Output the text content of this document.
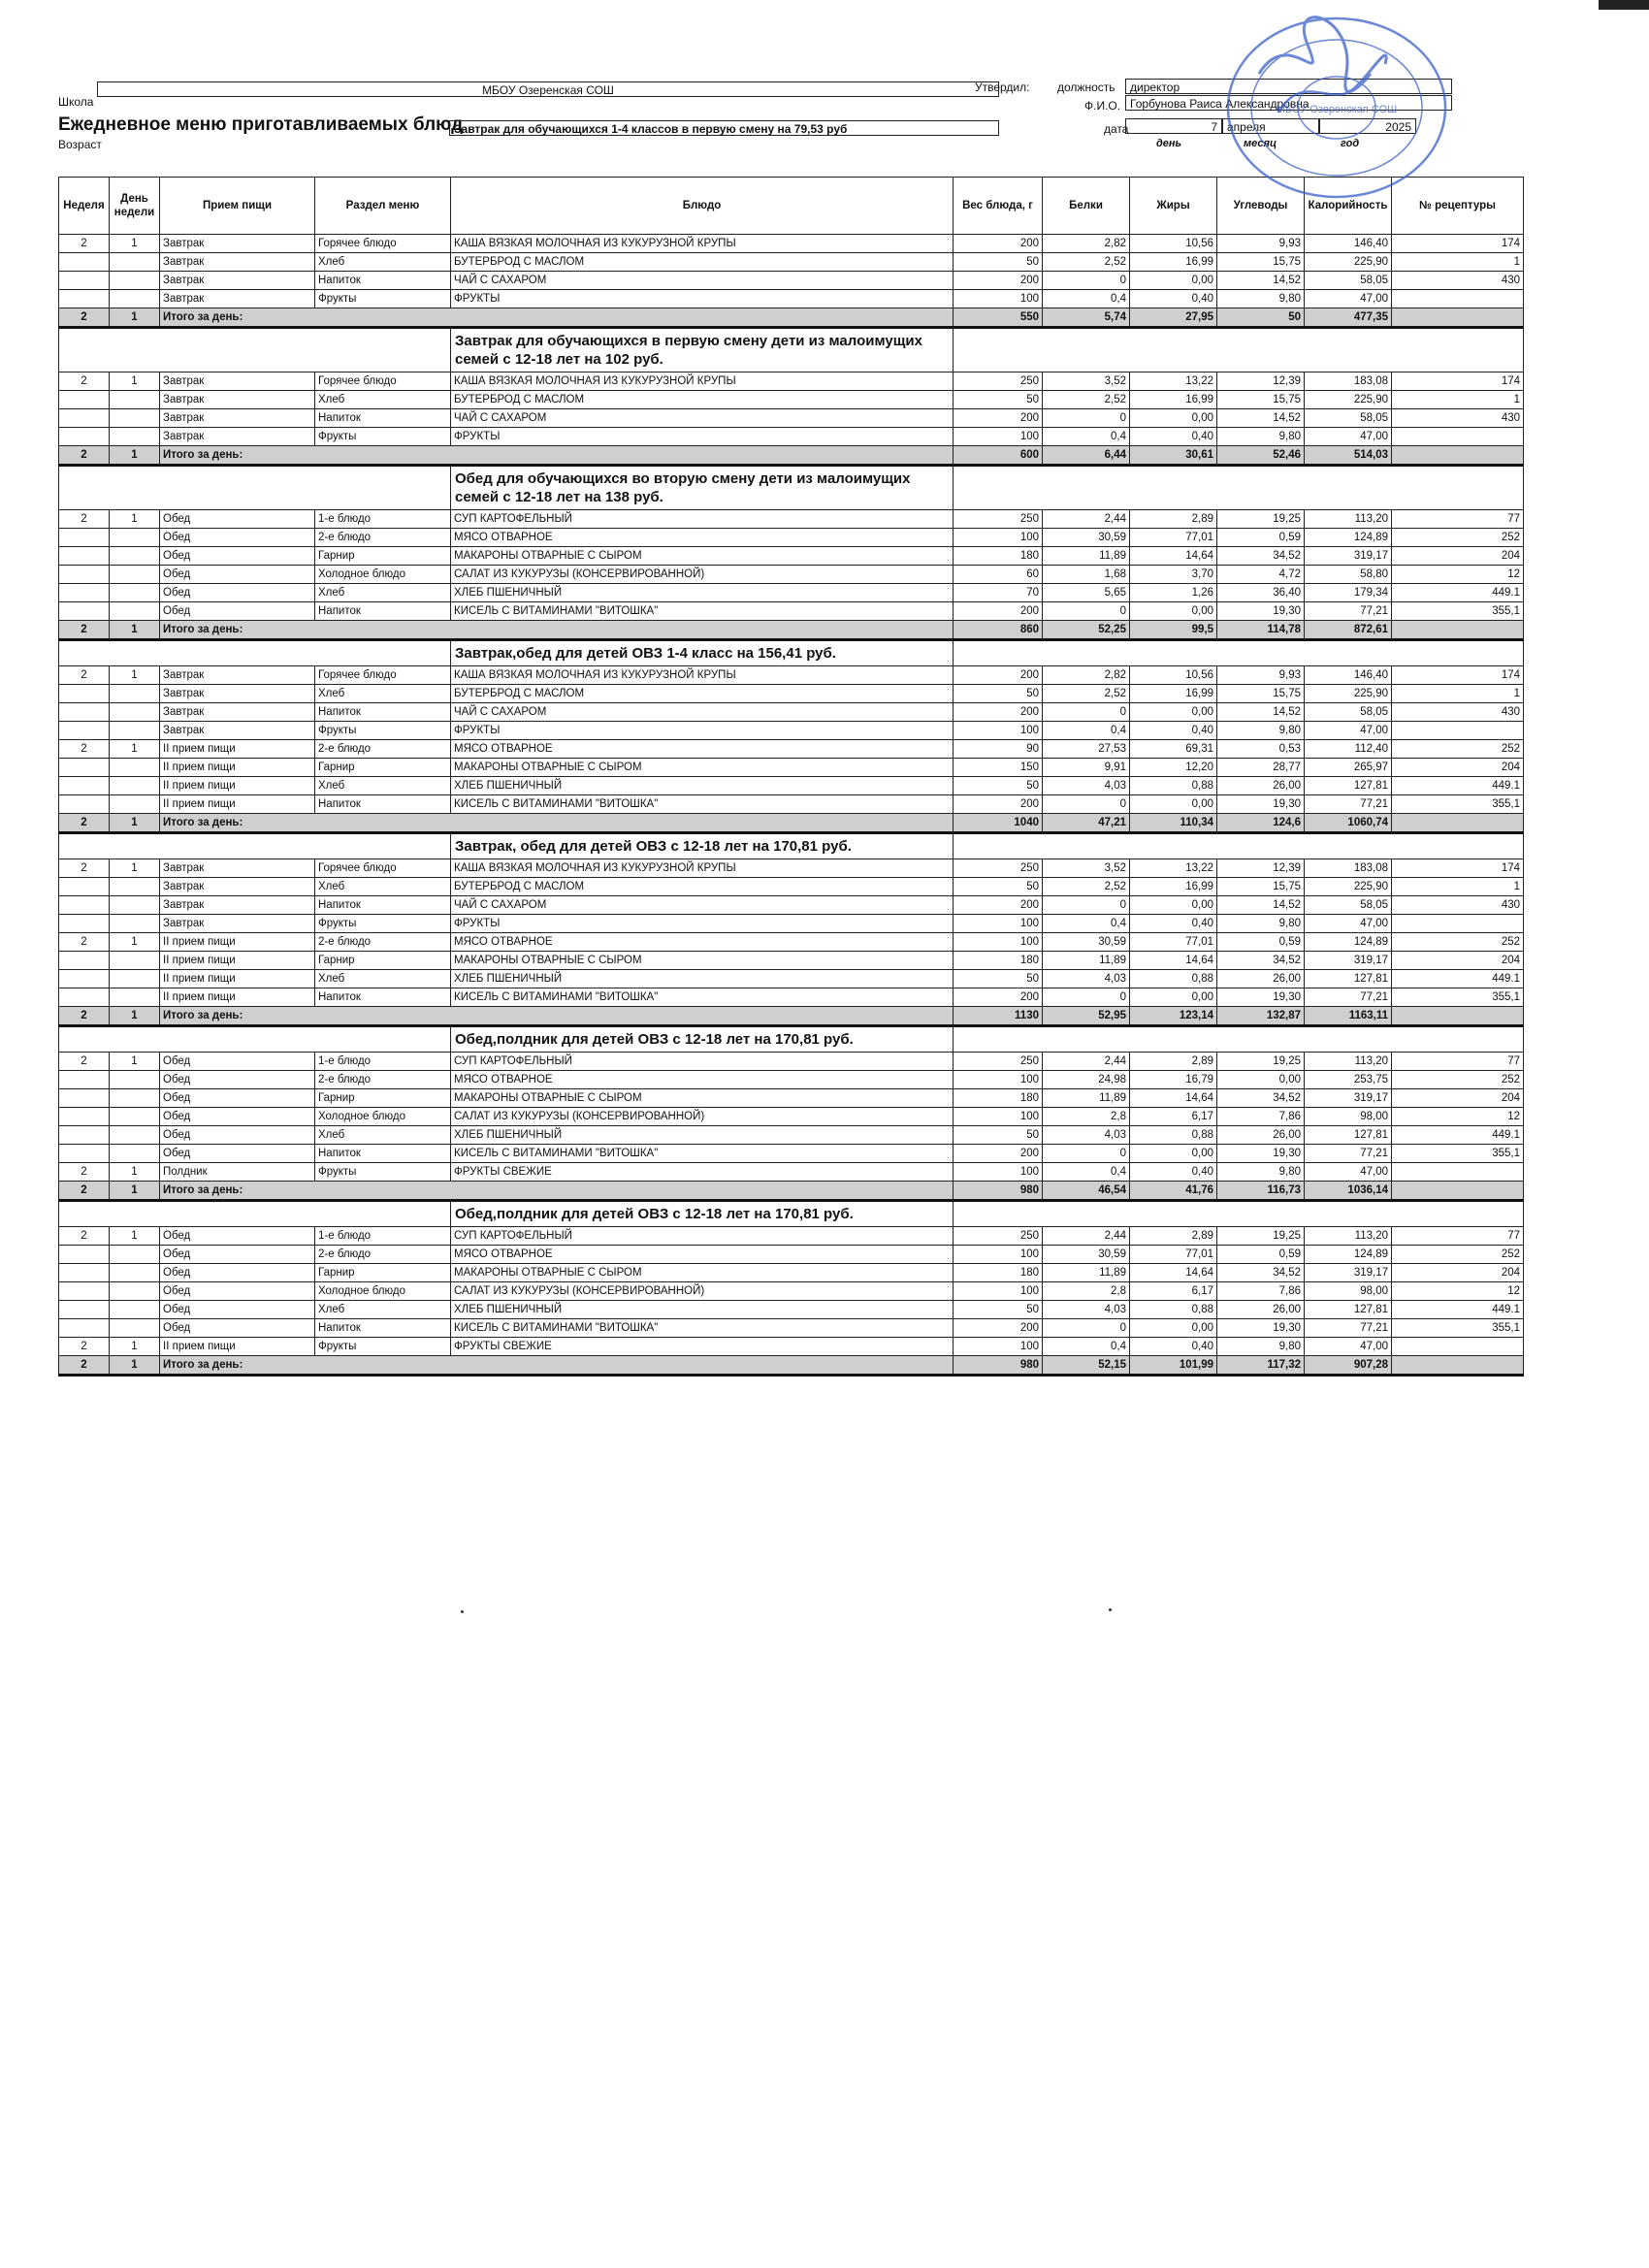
Школа
МБОУ Озеренская СОШ
Ежедневное меню приготавливаемых блюд
Возраст
Завтрак для обучающихся 1-4 классов в первую смену на 79,53 руб
Утвердил: должность	директор
Ф.И.О. Горбунова Раиса Александровна
дата	7 апреля	2025
день	месяц	год
Неделя	День недели	Прием пищи	Раздел меню	Блюдо	Вес блюда, г	Белки	Жиры	Углеводы	Калорийность	№ рецептуры
2	1	Завтрак	Горячее блюдо	КАША ВЯЗКАЯ МОЛОЧНАЯ ИЗ КУКУРУЗНОЙ КРУПЫ	200	2,82	10,56	9,93	146,40	174
		Завтрак	Хлеб	БУТЕРБРОД С МАСЛОМ	50	2,52	16,99	15,75	225,90	1
		Завтрак	Напиток	ЧАЙ С САХАРОМ	200	0	0,00	14,52	58,05	430
		Завтрак	Фрукты	ФРУКТЫ	100	0,4	0,40	9,80	47,00	
2	1	Итого за день:			550	5,74	27,95	50	477,35	
				Завтрак для обучающихся в первую смену дети из малоимущих семей с 12-18 лет на 102 руб.						
2	1	Завтрак	Горячее блюдо	КАША ВЯЗКАЯ МОЛОЧНАЯ ИЗ КУКУРУЗНОЙ КРУПЫ	250	3,52	13,22	12,39	183,08	174
		Завтрак	Хлеб	БУТЕРБРОД С МАСЛОМ	50	2,52	16,99	15,75	225,90	1
		Завтрак	Напиток	ЧАЙ С САХАРОМ	200	0	0,00	14,52	58,05	430
		Завтрак	Фрукты	ФРУКТЫ	100	0,4	0,40	9,80	47,00	
2	1	Итого за день:			600	6,44	30,61	52,46	514,03	
				Обед для обучающихся во вторую смену дети из малоимущих семей с 12-18 лет на 138 руб.						
2	1	Обед	1-е блюдо	СУП КАРТОФЕЛЬНЫЙ	250	2,44	2,89	19,25	113,20	77
		Обед	2-е блюдо	МЯСО ОТВАРНОЕ	100	30,59	77,01	0,59	124,89	252
		Обед	Гарнир	МАКАРОНЫ ОТВАРНЫЕ С СЫРОМ	180	11,89	14,64	34,52	319,17	204
		Обед	Холодное блюдо	САЛАТ ИЗ КУКУРУЗЫ (КОНСЕРВИРОВАННОЙ)	60	1,68	3,70	4,72	58,80	12
		Обед	Хлеб	ХЛЕБ ПШЕНИЧНЫЙ	70	5,65	1,26	36,40	179,34	449.1
		Обед	Напиток	КИСЕЛЬ С ВИТАМИНАМИ "ВИТОШКА"	200	0	0,00	19,30	77,21	355,1
2	1	Итого за день:			860	52,25	99,5	114,78	872,61	
				Завтрак,обед для детей ОВЗ 1-4 класс на 156,41 руб.						
2	1	Завтрак	Горячее блюдо	КАША ВЯЗКАЯ МОЛОЧНАЯ ИЗ КУКУРУЗНОЙ КРУПЫ	200	2,82	10,56	9,93	146,40	174
		Завтрак	Хлеб	БУТЕРБРОД С МАСЛОМ	50	2,52	16,99	15,75	225,90	1
		Завтрак	Напиток	ЧАЙ С САХАРОМ	200	0	0,00	14,52	58,05	430
		Завтрак	Фрукты	ФРУКТЫ	100	0,4	0,40	9,80	47,00	
2	1	II прием пищи	2-е блюдо	МЯСО ОТВАРНОЕ	90	27,53	69,31	0,53	112,40	252
		II прием пищи	Гарнир	МАКАРОНЫ ОТВАРНЫЕ С СЫРОМ	150	9,91	12,20	28,77	265,97	204
		II прием пищи	Хлеб	ХЛЕБ ПШЕНИЧНЫЙ	50	4,03	0,88	26,00	127,81	449.1
		II прием пищи	Напиток	КИСЕЛЬ С ВИТАМИНАМИ "ВИТОШКА"	200	0	0,00	19,30	77,21	355,1
2	1	Итого за день:			1040	47,21	110,34	124,6	1060,74	
				Завтрак, обед для детей ОВЗ с 12-18 лет на 170,81 руб.						
2	1	Завтрак	Горячее блюдо	КАША ВЯЗКАЯ МОЛОЧНАЯ ИЗ КУКУРУЗНОЙ КРУПЫ	250	3,52	13,22	12,39	183,08	174
		Завтрак	Хлеб	БУТЕРБРОД С МАСЛОМ	50	2,52	16,99	15,75	225,90	1
		Завтрак	Напиток	ЧАЙ С САХАРОМ	200	0	0,00	14,52	58,05	430
		Завтрак	Фрукты	ФРУКТЫ	100	0,4	0,40	9,80	47,00	
2	1	II прием пищи	2-е блюдо	МЯСО ОТВАРНОЕ	100	30,59	77,01	0,59	124,89	252
		II прием пищи	Гарнир	МАКАРОНЫ ОТВАРНЫЕ С СЫРОМ	180	11,89	14,64	34,52	319,17	204
		II прием пищи	Хлеб	ХЛЕБ ПШЕНИЧНЫЙ	50	4,03	0,88	26,00	127,81	449.1
		II прием пищи	Напиток	КИСЕЛЬ С ВИТАМИНАМИ "ВИТОШКА"	200	0	0,00	19,30	77,21	355,1
2	1	Итого за день:			1130	52,95	123,14	132,87	1163,11	
				Обед,полдник для детей ОВЗ с 12-18 лет на 170,81 руб.						
2	1	Обед	1-е блюдо	СУП КАРТОФЕЛЬНЫЙ	250	2,44	2,89	19,25	113,20	77
		Обед	2-е блюдо	МЯСО ОТВАРНОЕ	100	24,98	16,79	0,00	253,75	252
		Обед	Гарнир	МАКАРОНЫ ОТВАРНЫЕ С СЫРОМ	180	11,89	14,64	34,52	319,17	204
		Обед	Холодное блюдо	САЛАТ ИЗ КУКУРУЗЫ (КОНСЕРВИРОВАННОЙ)	100	2,8	6,17	7,86	98,00	12
		Обед	Хлеб	ХЛЕБ ПШЕНИЧНЫЙ	50	4,03	0,88	26,00	127,81	449.1
		Обед	Напиток	КИСЕЛЬ С ВИТАМИНАМИ "ВИТОШКА"	200	0	0,00	19,30	77,21	355,1
2	1	Полдник	Фрукты	ФРУКТЫ СВЕЖИЕ	100	0,4	0,40	9,80	47,00	
2	1	Итого за день:			980	46,54	41,76	116,73	1036,14	
				Обед,полдник для детей ОВЗ с 12-18 лет на 170,81 руб.						
2	1	Обед	1-е блюдо	СУП КАРТОФЕЛЬНЫЙ	250	2,44	2,89	19,25	113,20	77
		Обед	2-е блюдо	МЯСО ОТВАРНОЕ	100	30,59	77,01	0,59	124,89	252
		Обед	Гарнир	МАКАРОНЫ ОТВАРНЫЕ С СЫРОМ	180	11,89	14,64	34,52	319,17	204
		Обед	Холодное блюдо	САЛАТ ИЗ КУКУРУЗЫ (КОНСЕРВИРОВАННОЙ)	100	2,8	6,17	7,86	98,00	12
		Обед	Хлеб	ХЛЕБ ПШЕНИЧНЫЙ	50	4,03	0,88	26,00	127,81	449.1
		Обед	Напиток	КИСЕЛЬ С ВИТАМИНАМИ "ВИТОШКА"	200	0	0,00	19,30	77,21	355,1
2	1	II прием пищи	Фрукты	ФРУКТЫ СВЕЖИЕ	100	0,4	0,40	9,80	47,00	
2	1	Итого за день:			980	52,15	101,99	117,32	907,28	
МБОУ Озеренская СОШ
